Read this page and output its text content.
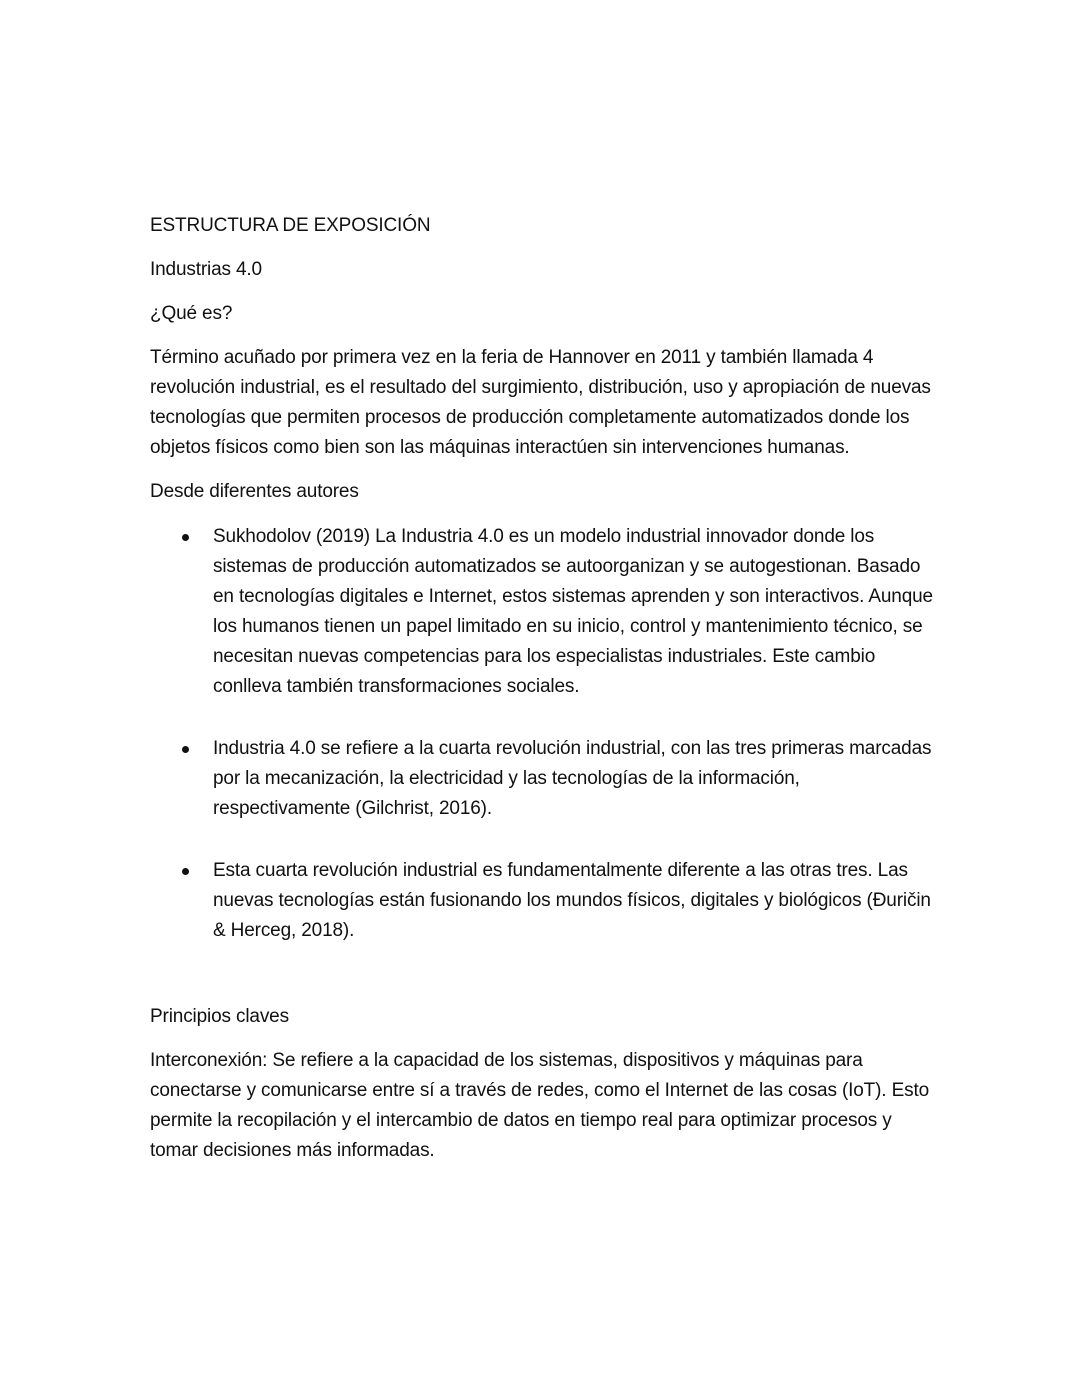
ESTRUCTURA DE EXPOSICIÓN

Industrias 4.0

¿Qué es?

Término acuñado por primera vez en la feria de Hannover en 2011 y también llamada 4 revolución industrial, es el resultado del surgimiento, distribución, uso y apropiación de nuevas tecnologías que permiten procesos de producción completamente automatizados donde los objetos físicos como bien son las máquinas interactúen sin intervenciones humanas.

Desde diferentes autores

Sukhodolov (2019) La Industria 4.0 es un modelo industrial innovador donde los sistemas de producción automatizados se autoorganizan y se autogestionan. Basado en tecnologías digitales e Internet, estos sistemas aprenden y son interactivos. Aunque los humanos tienen un papel limitado en su inicio, control y mantenimiento técnico, se necesitan nuevas competencias para los especialistas industriales. Este cambio conlleva también transformaciones sociales.
Industria 4.0 se refiere a la cuarta revolución industrial, con las tres primeras marcadas por la mecanización, la electricidad y las tecnologías de la información, respectivamente (Gilchrist, 2016).
Esta cuarta revolución industrial es fundamentalmente diferente a las otras tres. Las nuevas tecnologías están fusionando los mundos físicos, digitales y biológicos (Đuričin & Herceg, 2018).

Principios claves

Interconexión: Se refiere a la capacidad de los sistemas, dispositivos y máquinas para conectarse y comunicarse entre sí a través de redes, como el Internet de las cosas (IoT). Esto permite la recopilación y el intercambio de datos en tiempo real para optimizar procesos y tomar decisiones más informadas.
